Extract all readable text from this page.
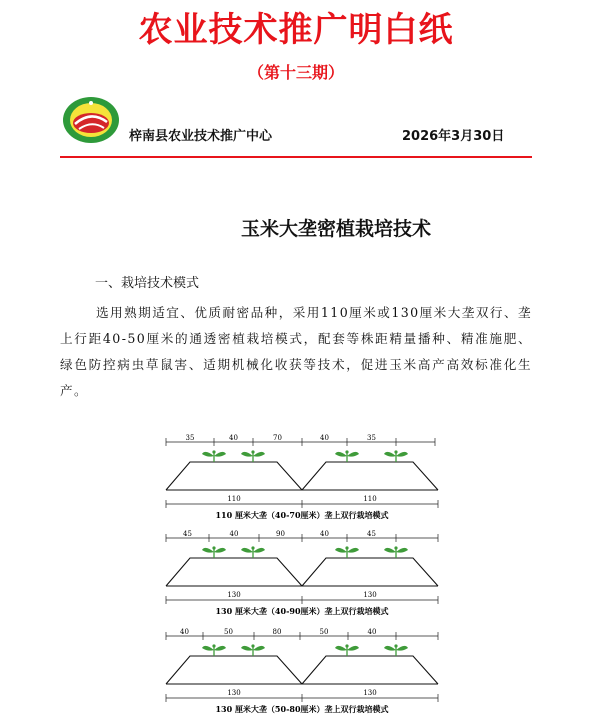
农业技术推广明白纸
（第十三期）
梓南县农业技术推广中心	2026年3月30日
玉米大垄密植栽培技术
一、栽培技术模式
选用熟期适宜、优质耐密品种，采用110厘米或130厘米大垄双行、垄上行距40-50厘米的通透密植栽培模式，配套等株距精量播种、精准施肥、绿色防控病虫草鼠害、适期机械化收获等技术，促进玉米高产高效标准化生产。
35	40	70	40	35
110	110
110 厘米大垄（40-70厘米）垄上双行栽培模式
45	40	90	40	45
130	130
130 厘米大垄（40-90厘米）垄上双行栽培模式
40	50	80	50	40
130	130
130 厘米大垄（50-80厘米）垄上双行栽培模式
